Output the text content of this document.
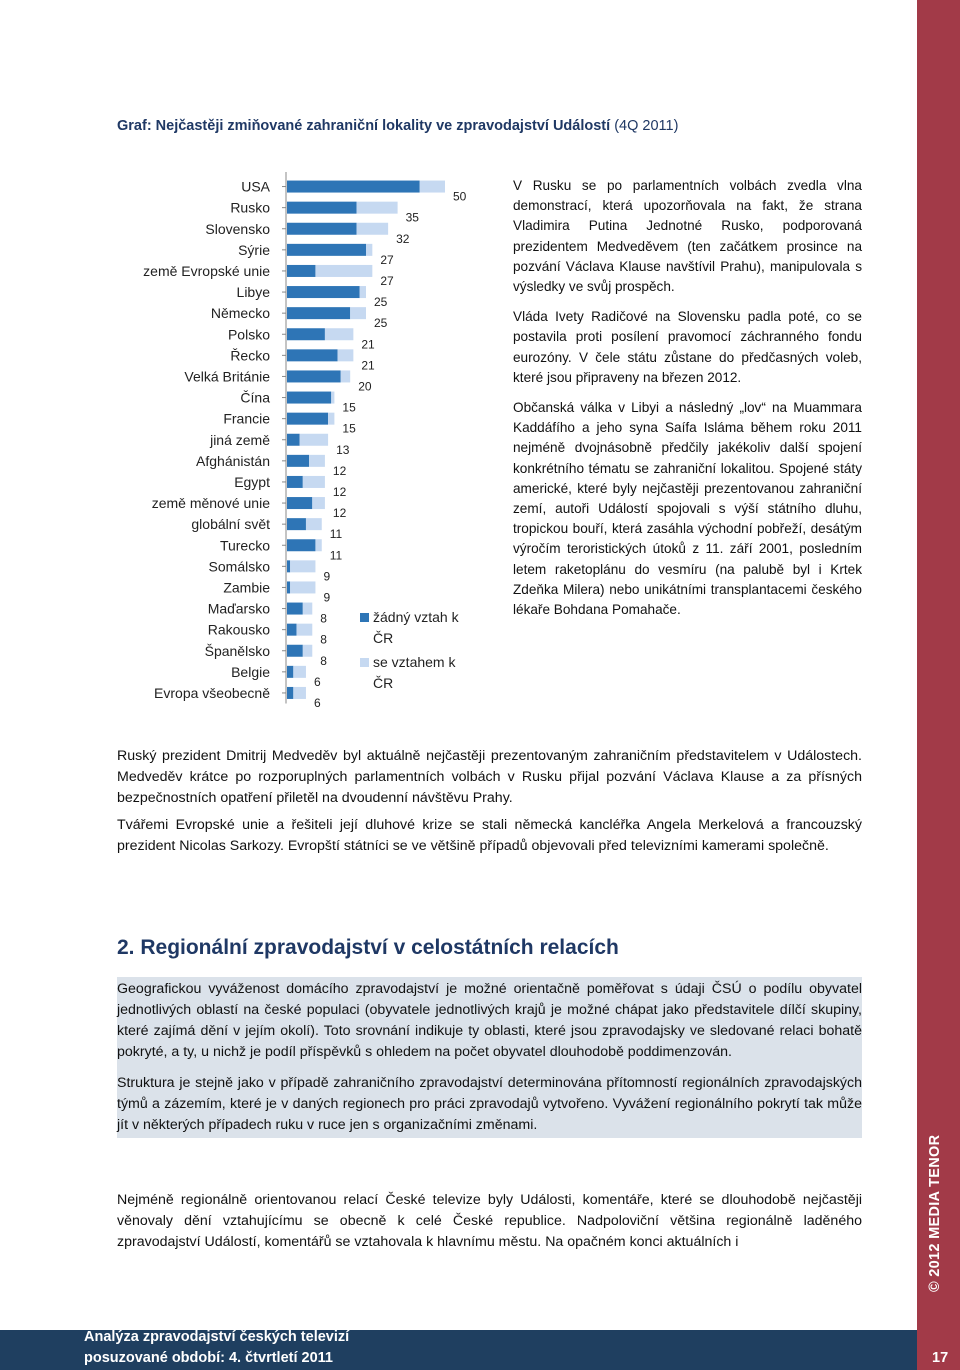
Graf: Nejčastěji zmiňované zahraniční lokality ve zpravodajství Událostí (4Q 2011)
USA
50
Rusko
35
Slovensko
32
Sýrie
27
země Evropské unie
27
Libye
25
Německo
25
Polsko
21
Řecko
21
Velká Británie
20
Čína
15
Francie
15
jiná země
13
Afghánistán
12
Egypt
12
země měnové unie
12
globální svět
11
Turecko
11
Somálsko
9
Zambie
9
Maďarsko
8
Rakousko
8
Španělsko
8
Belgie
6
Evropa všeobecně
6
žádný vztah k
ČR
se vztahem k
ČR

V Rusku se po parlamentních volbách zvedla vlna demonstrací, která upozorňovala na fakt, že strana Vladimira Putina Jednotné Rusko, podporovaná prezidentem Medveděvem (ten začátkem prosince na pozvání Václava Klause navštívil Prahu), manipulovala s výsledky ve svůj prospěch.

Vláda Ivety Radičové na Slovensku padla poté, co se postavila proti posílení pravomocí záchranného fondu eurozóny. V čele státu zůstane do předčasných voleb, které jsou připraveny na březen 2012.

Občanská válka v Libyi a následný „lov“ na Muammara Kaddáfího a jeho syna Saífa Isláma během roku 2011 nejméně dvojnásobně předčily jakékoliv další spojení konkrétního tématu se zahraniční lokalitou. Spojené státy americké, které byly nejčastěji prezentovanou zahraniční zemí, autoři Událostí spojovali s výší státního dluhu, tropickou bouří, která zasáhla východní pobřeží, desátým výročím teroristických útoků z 11. září 2001, posledním letem raketoplánu do vesmíru (na palubě byl i Krtek Zdeňka Milera) nebo unikátními transplantacemi českého lékaře Bohdana Pomahače.

Ruský prezident Dmitrij Medveděv byl aktuálně nejčastěji prezentovaným zahraničním představitelem v Událostech. Medveděv krátce po rozporuplných parlamentních volbách v Rusku přijal pozvání Václava Klause a za přísných bezpečnostních opatření přiletěl na dvoudenní návštěvu Prahy.

Tvářemi Evropské unie a řešiteli její dluhové krize se stali německá kancléřka Angela Merkelová a francouzský prezident Nicolas Sarkozy. Evropští státníci se ve většině případů objevovali před televizními kamerami společně.

2. Regionální zpravodajství v celostátních relacích

Geografickou vyváženost domácího zpravodajství je možné orientačně poměřovat s údaji ČSÚ o podílu obyvatel jednotlivých oblastí na české populaci (obyvatele jednotlivých krajů je možné chápat jako představitele dílčí skupiny, které zajímá dění v jejím okolí). Toto srovnání indikuje ty oblasti, které jsou zpravodajsky ve sledované relaci bohatě pokryté, a ty, u nichž je podíl příspěvků s ohledem na počet obyvatel dlouhodobě poddimenzován.

Struktura je stejně jako v případě zahraničního zpravodajství determinována přítomností regionálních zpravodajských týmů a zázemím, které je v daných regionech pro práci zpravodajů vytvořeno. Vyvážení regionálního pokrytí tak může jít v některých případech ruku v ruce jen s organizačními změnami.

Nejméně regionálně orientovanou relací České televize byly Události, komentáře, které se dlouhodobě nejčastěji věnovaly dění vztahujícímu se obecně k celé České republice. Nadpoloviční většina regionálně laděného zpravodajství Událostí, komentářů se vztahovala k hlavnímu městu. Na opačném konci aktuálních i	© 2012 MEDIA TENOR
Analýza zpravodajství českých televizí
posuzované období: 4. čtvrtletí 2011	17
